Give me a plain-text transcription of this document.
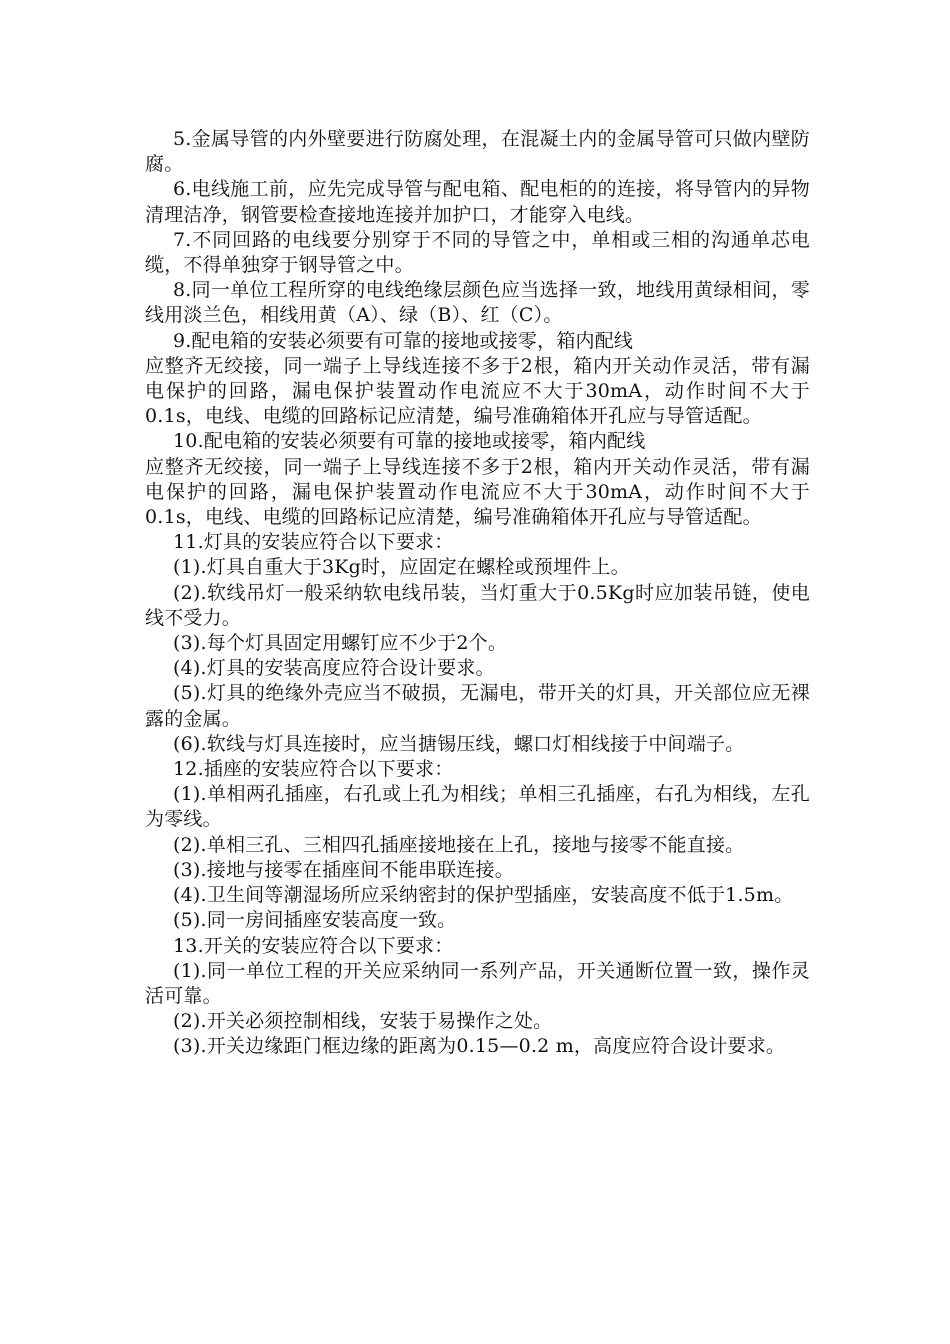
5.金属导管的内外壁要进行防腐处理，在混凝土内的金属导管可只做内壁防腐。

6.电线施工前，应先完成导管与配电箱、配电柜的的连接，将导管内的异物清理洁净，钢管要检查接地连接并加护口，才能穿入电线。

7.不同回路的电线要分别穿于不同的导管之中，单相或三相的沟通单芯电缆，不得单独穿于钢导管之中。

8.同一单位工程所穿的电线绝缘层颜色应当选择一致，地线用黄绿相间，零线用淡兰色，相线用黄（A）、绿（B）、红（C）。

9.配电箱的安装必须要有可靠的接地或接零，箱内配线

应整齐无绞接，同一端子上导线连接不多于2根，箱内开关动作灵活，带有漏电保护的回路，漏电保护装置动作电流应不大于30mA，动作时间不大于0.1s，电线、电缆的回路标记应清楚，编号准确箱体开孔应与导管适配。

10.配电箱的安装必须要有可靠的接地或接零，箱内配线

应整齐无绞接，同一端子上导线连接不多于2根，箱内开关动作灵活，带有漏电保护的回路，漏电保护装置动作电流应不大于30mA，动作时间不大于0.1s，电线、电缆的回路标记应清楚，编号准确箱体开孔应与导管适配。

11.灯具的安装应符合以下要求：

(1).灯具自重大于3Kg时，应固定在螺栓或预埋件上。

(2).软线吊灯一般采纳软电线吊装，当灯重大于0.5Kg时应加装吊链，使电线不受力。

(3).每个灯具固定用螺钉应不少于2个。

(4).灯具的安装高度应符合设计要求。

(5).灯具的绝缘外壳应当不破损，无漏电，带开关的灯具，开关部位应无裸露的金属。

(6).软线与灯具连接时，应当搪锡压线，螺口灯相线接于中间端子。

12.插座的安装应符合以下要求：

(1).单相两孔插座，右孔或上孔为相线；单相三孔插座，右孔为相线，左孔为零线。

(2).单相三孔、三相四孔插座接地接在上孔，接地与接零不能直接。

(3).接地与接零在插座间不能串联连接。

(4).卫生间等潮湿场所应采纳密封的保护型插座，安装高度不低于1.5m。

(5).同一房间插座安装高度一致。

13.开关的安装应符合以下要求：

(1).同一单位工程的开关应采纳同一系列产品，开关通断位置一致，操作灵活可靠。

(2).开关必须控制相线，安装于易操作之处。

(3).开关边缘距门框边缘的距离为0.15—0.2 m，高度应符合设计要求。
